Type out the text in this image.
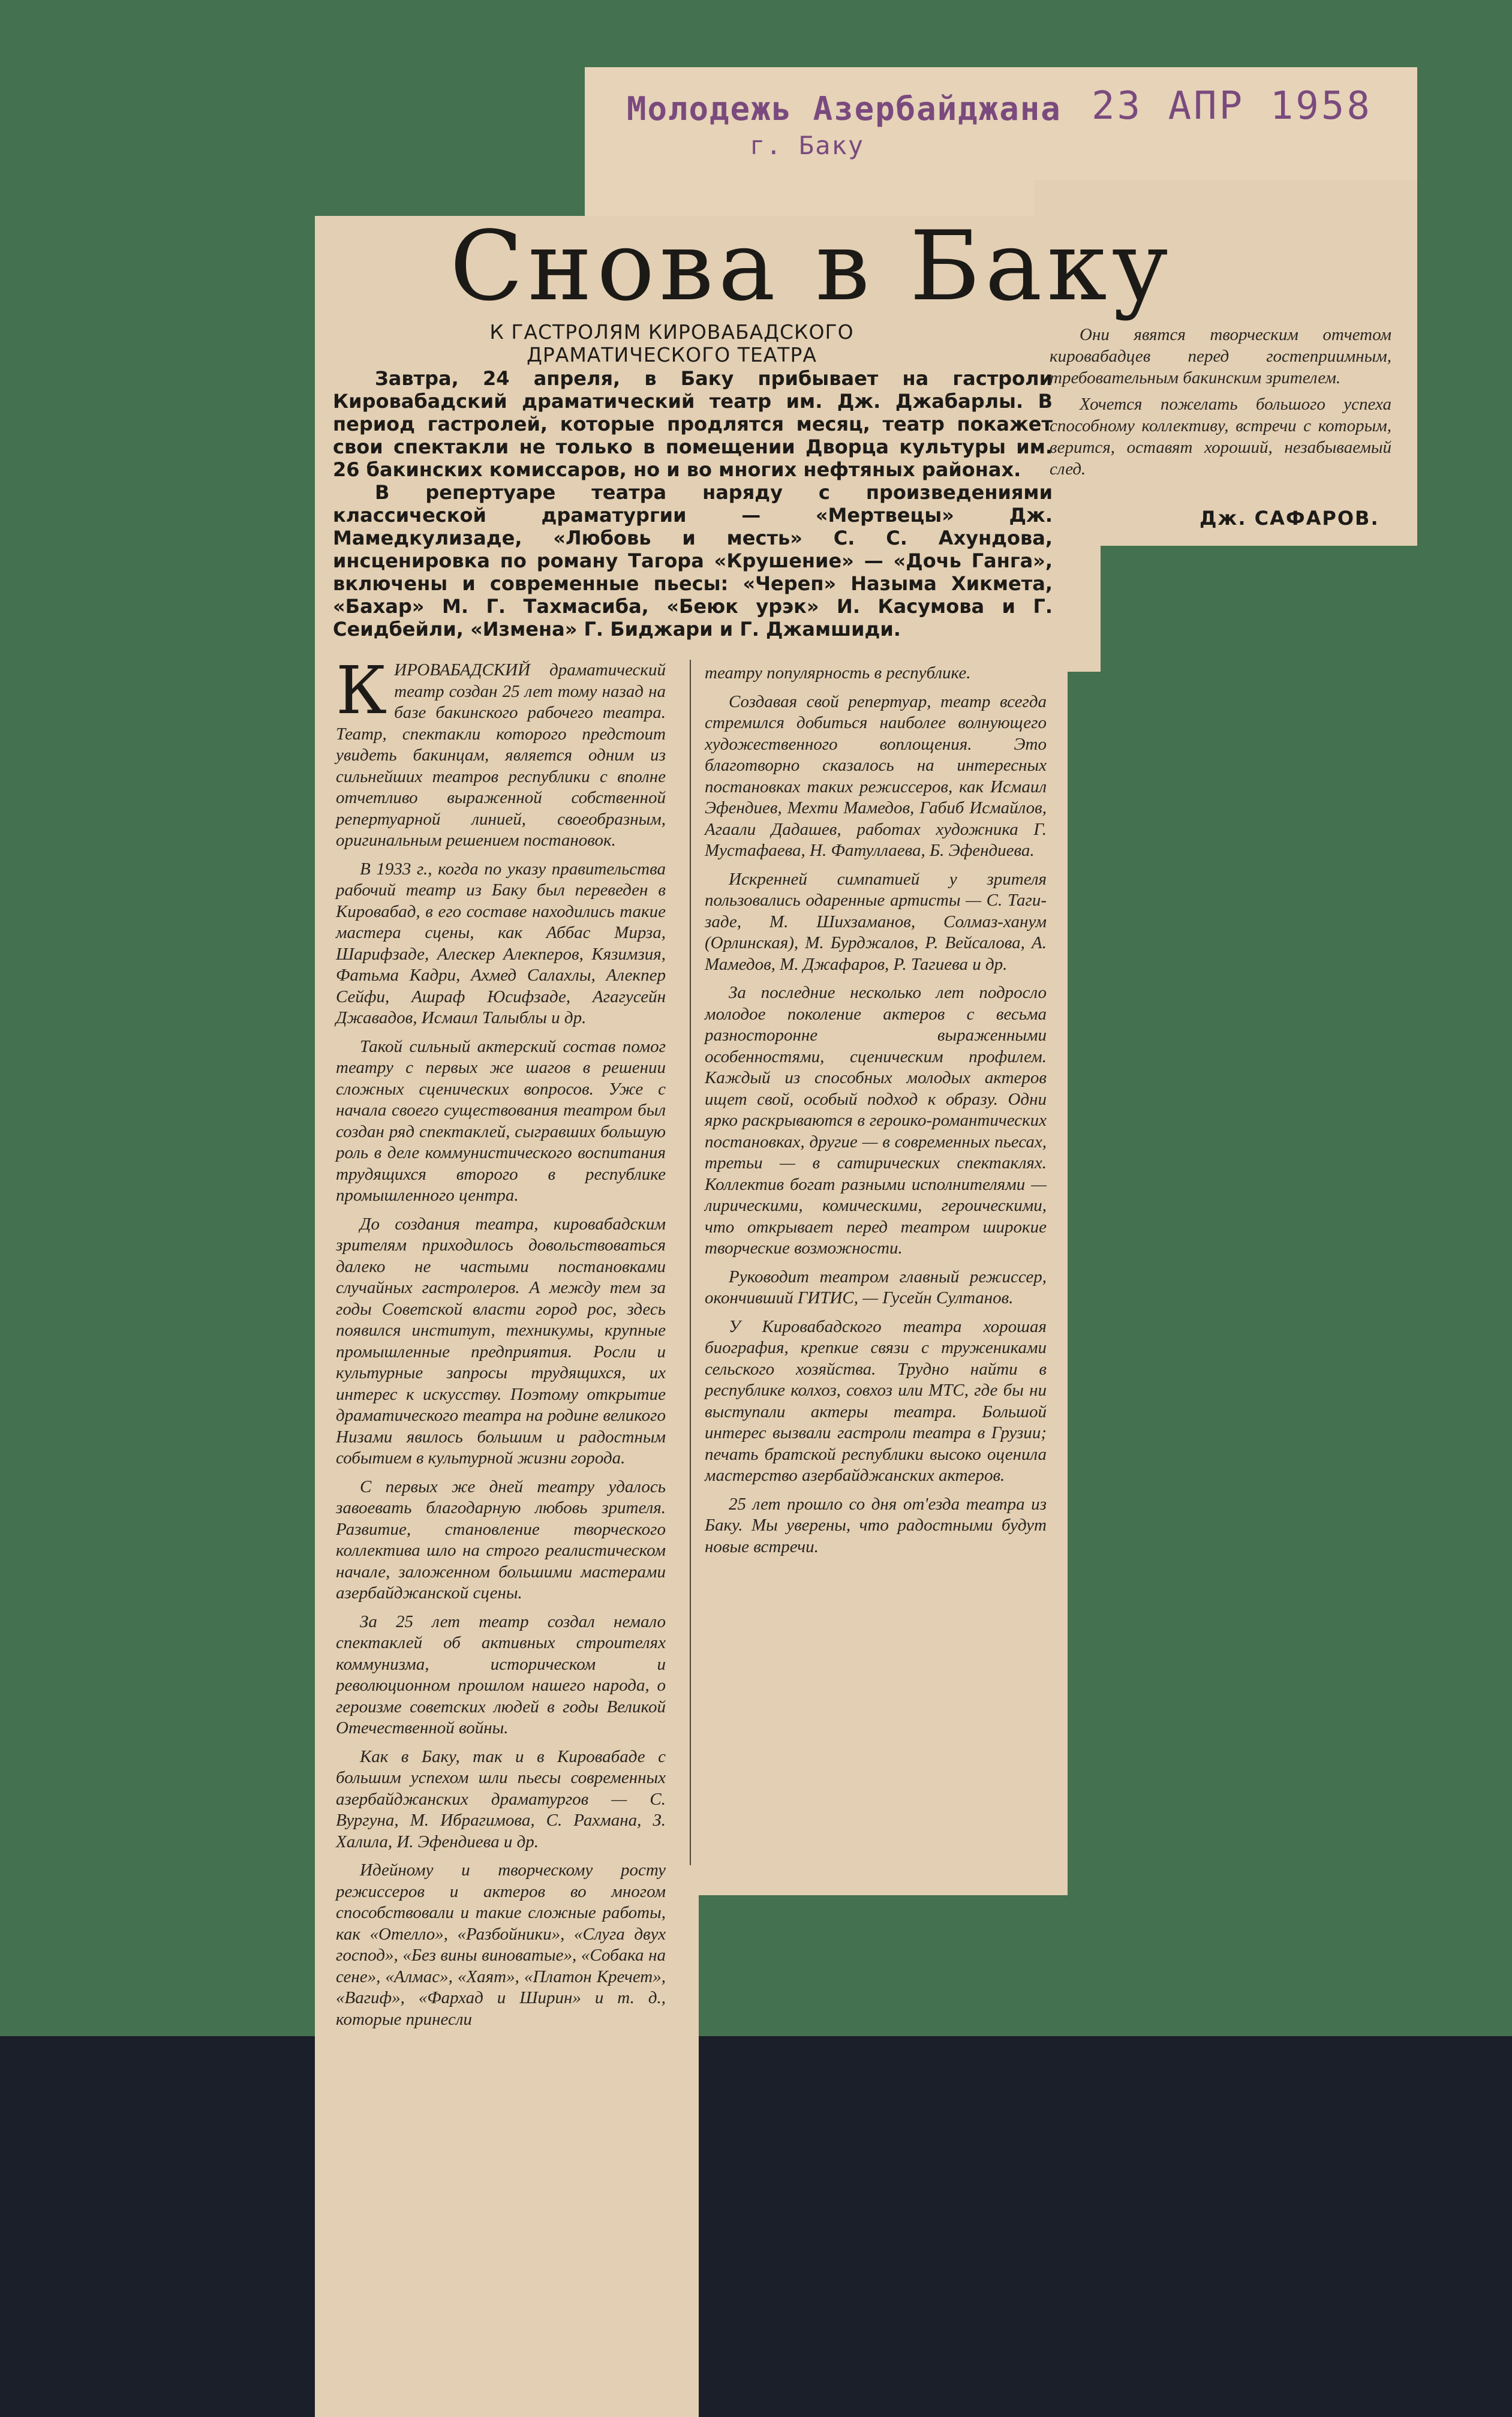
Молодежь Азербайджана
г. Баку
23 АПР 1958
Снова в Баку
К ГАСТРОЛЯМ КИРОВАБАДСКОГО ДРАМАТИЧЕСКОГО ТЕАТРА

Завтра, 24 апреля, в Баку прибывает на гастроли Кировабадский драматический театр им. Дж. Джабарлы. В период гастролей, которые продлятся месяц, театр покажет свои спектакли не только в помещении Дворца культуры им. 26 бакинских комиссаров, но и во многих нефтяных районах.

В репертуаре театра наряду с произведениями классической драматургии — «Мертвецы» Дж. Мамедкулизаде, «Любовь и месть» С. С. Ахундова, инсценировка по роману Тагора «Крушение» — «Дочь Ганга», включены и современные пьесы: «Череп» Назыма Хикмета, «Бахар» М. Г. Тахмасиба, «Беюк урэк» И. Касумова и Г. Сеидбейли, «Измена» Г. Биджари и Г. Джамшиди.

Они явятся творческим отчетом кировабадцев перед гостеприимным, требовательным бакинским зрителем.

Хочется пожелать большого успеха способному коллективу, встречи с которым, верится, оставят хороший, незабываемый след.

Дж. САФАРОВ.

КИРОВАБАДСКИЙ драматический театр создан 25 лет тому назад на базе бакинского рабочего театра. Театр, спектакли которого предстоит увидеть бакинцам, является одним из сильнейших театров республики с вполне отчетливо выраженной собственной репертуарной линией, своеобразным, оригинальным решением постановок.

В 1933 г., когда по указу правительства рабочий театр из Баку был переведен в Кировабад, в его составе находились такие мастера сцены, как Аббас Мирза, Шарифзаде, Алескер Алекперов, Кязимзия, Фатьма Кадри, Ахмед Салахлы, Алекпер Сейфи, Ашраф Юсифзаде, Агагусейн Джавадов, Исмаил Талыблы и др.

Такой сильный актерский состав помог театру с первых же шагов в решении сложных сценических вопросов. Уже с начала своего существования театром был создан ряд спектаклей, сыгравших большую роль в деле коммунистического воспитания трудящихся второго в республике промышленного центра.

До создания театра, кировабадским зрителям приходилось довольствоваться далеко не частыми постановками случайных гастролеров. А между тем за годы Советской власти город рос, здесь появился институт, техникумы, крупные промышленные предприятия. Росли и культурные запросы трудящихся, их интерес к искусству. Поэтому открытие драматического театра на родине великого Низами явилось большим и радостным событием в культурной жизни города.

С первых же дней театру удалось завоевать благодарную любовь зрителя. Развитие, становление творческого коллектива шло на строго реалистическом начале, заложенном большими мастерами азербайджанской сцены.

За 25 лет театр создал немало спектаклей об активных строителях коммунизма, историческом и революционном прошлом нашего народа, о героизме советских людей в годы Великой Отечественной войны.

Как в Баку, так и в Кировабаде с большим успехом шли пьесы современных азербайджанских драматургов — С. Вургуна, М. Ибрагимова, С. Рахмана, З. Халила, И. Эфендиева и др.

Идейному и творческому росту режиссеров и актеров во многом способствовали и такие сложные работы, как «Отелло», «Разбойники», «Слуга двух господ», «Без вины виноватые», «Собака на сене», «Алмас», «Хаят», «Платон Кречет», «Вагиф», «Фархад и Ширин» и т. д., которые принесли

театру популярность в республике.

Создавая свой репертуар, театр всегда стремился добиться наиболее волнующего художественного воплощения. Это благотворно сказалось на интересных постановках таких режиссеров, как Исмаил Эфендиев, Мехти Мамедов, Габиб Исмайлов, Агаали Дадашев, работах художника Г. Мустафаева, Н. Фатуллаева, Б. Эфендиева.

Искренней симпатией у зрителя пользовались одаренные артисты — С. Таги-заде, М. Шихзаманов, Солмаз-ханум (Орлинская), М. Бурджалов, Р. Вейсалова, А. Мамедов, М. Джафаров, Р. Тагиева и др.

За последние несколько лет подросло молодое поколение актеров с весьма разносторонне выраженными особенностями, сценическим профилем. Каждый из способных молодых актеров ищет свой, особый подход к образу. Одни ярко раскрываются в героико-романтических постановках, другие — в современных пьесах, третьи — в сатирических спектаклях. Коллектив богат разными исполнителями — лирическими, комическими, героическими, что открывает перед театром широкие творческие возможности.

Руководит театром главный режиссер, окончивший ГИТИС, — Гусейн Султанов.

У Кировабадского театра хорошая биография, крепкие связи с тружениками сельского хозяйства. Трудно найти в республике колхоз, совхоз или МТС, где бы ни выступали актеры театра. Большой интерес вызвали гастроли театра в Грузии; печать братской республики высоко оценила мастерство азербайджанских актеров.

25 лет прошло со дня от'езда театра из Баку. Мы уверены, что радостными будут новые встречи.
